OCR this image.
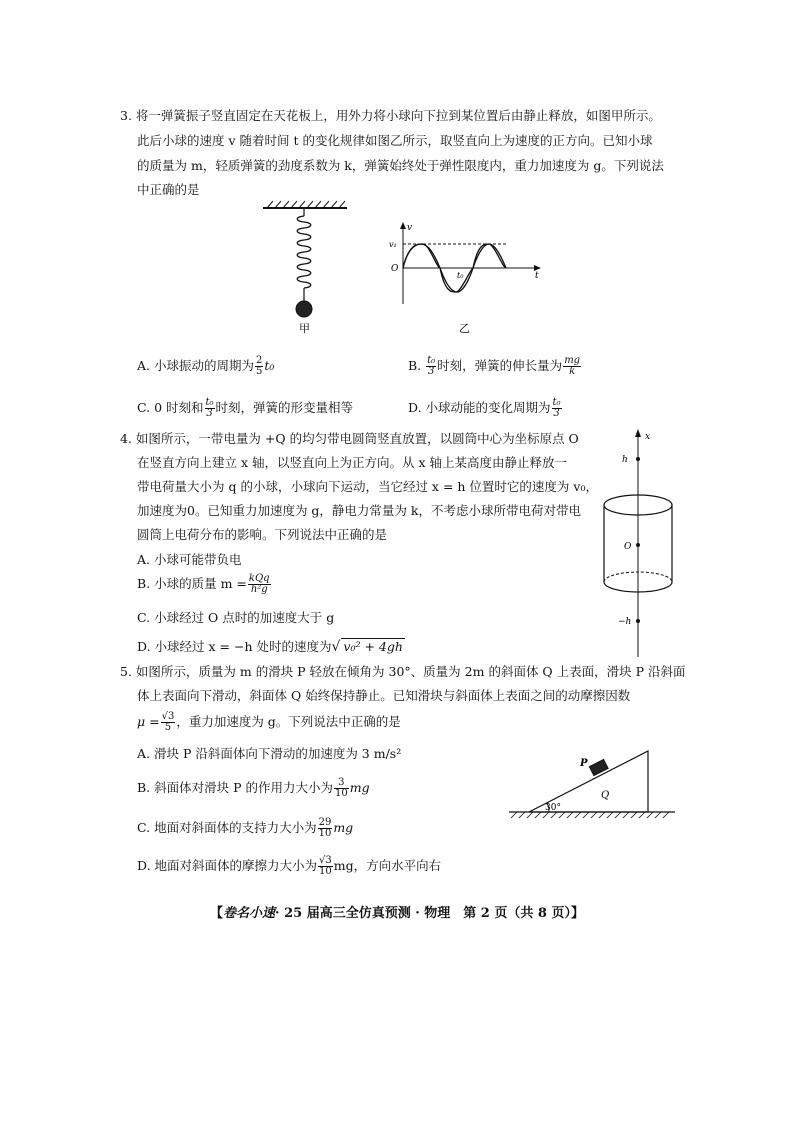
3. 将一弹簧振子竖直固定在天花板上，用外力将小球向下拉到某位置后由静止释放，如图甲所示。
此后小球的速度 v 随着时间 t 的变化规律如图乙所示，取竖直向上为速度的正方向。已知小球
的质量为 m，轻质弹簧的劲度系数为 k，弹簧始终处于弹性限度内，重力加速度为 g。下列说法
中正确的是
甲
v
v₁
O
t₀	t
乙
A. 小球振动的周期为 $\frac{2}{5} t_0$	B. $\frac{\text{t₀}}{3}$ 时刻，弹簧的伸长量为 $\frac{mg}{k}$
C. 0 时刻和 $\frac{\text{t₀}}{3}$ 时刻，弹簧的形变量相等	D. 小球动能的变化周期为 $\frac{\text{t₀}}{3}$
4. 如图所示，一带电量为 +Q 的均匀带电圆筒竖直放置，以圆筒中心为坐标原点 O
在竖直方向上建立 x 轴，以竖直向上为正方向。从 x 轴上某高度由静止释放一
带电荷量大小为 q 的小球，小球向下运动，当它经过 x = h 位置时它的速度为 v₀，
加速度为0。已知重力加速度为 g，静电力常量为 k，不考虑小球所带电荷对带电
圆筒上电荷分布的影响。下列说法中正确的是
A. 小球可能带负电
B. 小球的质量 $m = \frac{\text{kQq}}{\text{h²g}}$
C. 小球经过 O 点时的加速度大于 g
D. 小球经过 x = −h 处时的速度为√ v₀² + 4gh
x
h
O
−h
5. 如图所示，质量为 m 的滑块 P 轻放在倾角为 30°、质量为 2m 的斜面体 Q 上表面，滑块 P 沿斜面
体上表面向下滑动，斜面体 Q 始终保持静止。已知滑块与斜面体上表面之间的动摩擦因数
$\mu = \frac{√3}{5}$ ，重力加速度为 g。下列说法中正确的是
A. 滑块 P 沿斜面体向下滑动的加速度为 3 m/s²
B. 斜面体对滑块 P 的作用力大小为 $\frac{3}{10}$ mg
C. 地面对斜面体的支持力大小为 $\frac{29}{10}$ mg
D. 地面对斜面体的摩擦力大小为 $\frac{√3}{10}$ mg，方向水平向右
P
Q
30°
【卷名小速· 25 届高三全仿真预测 · 物理　第 2 页（共 8 页）】
